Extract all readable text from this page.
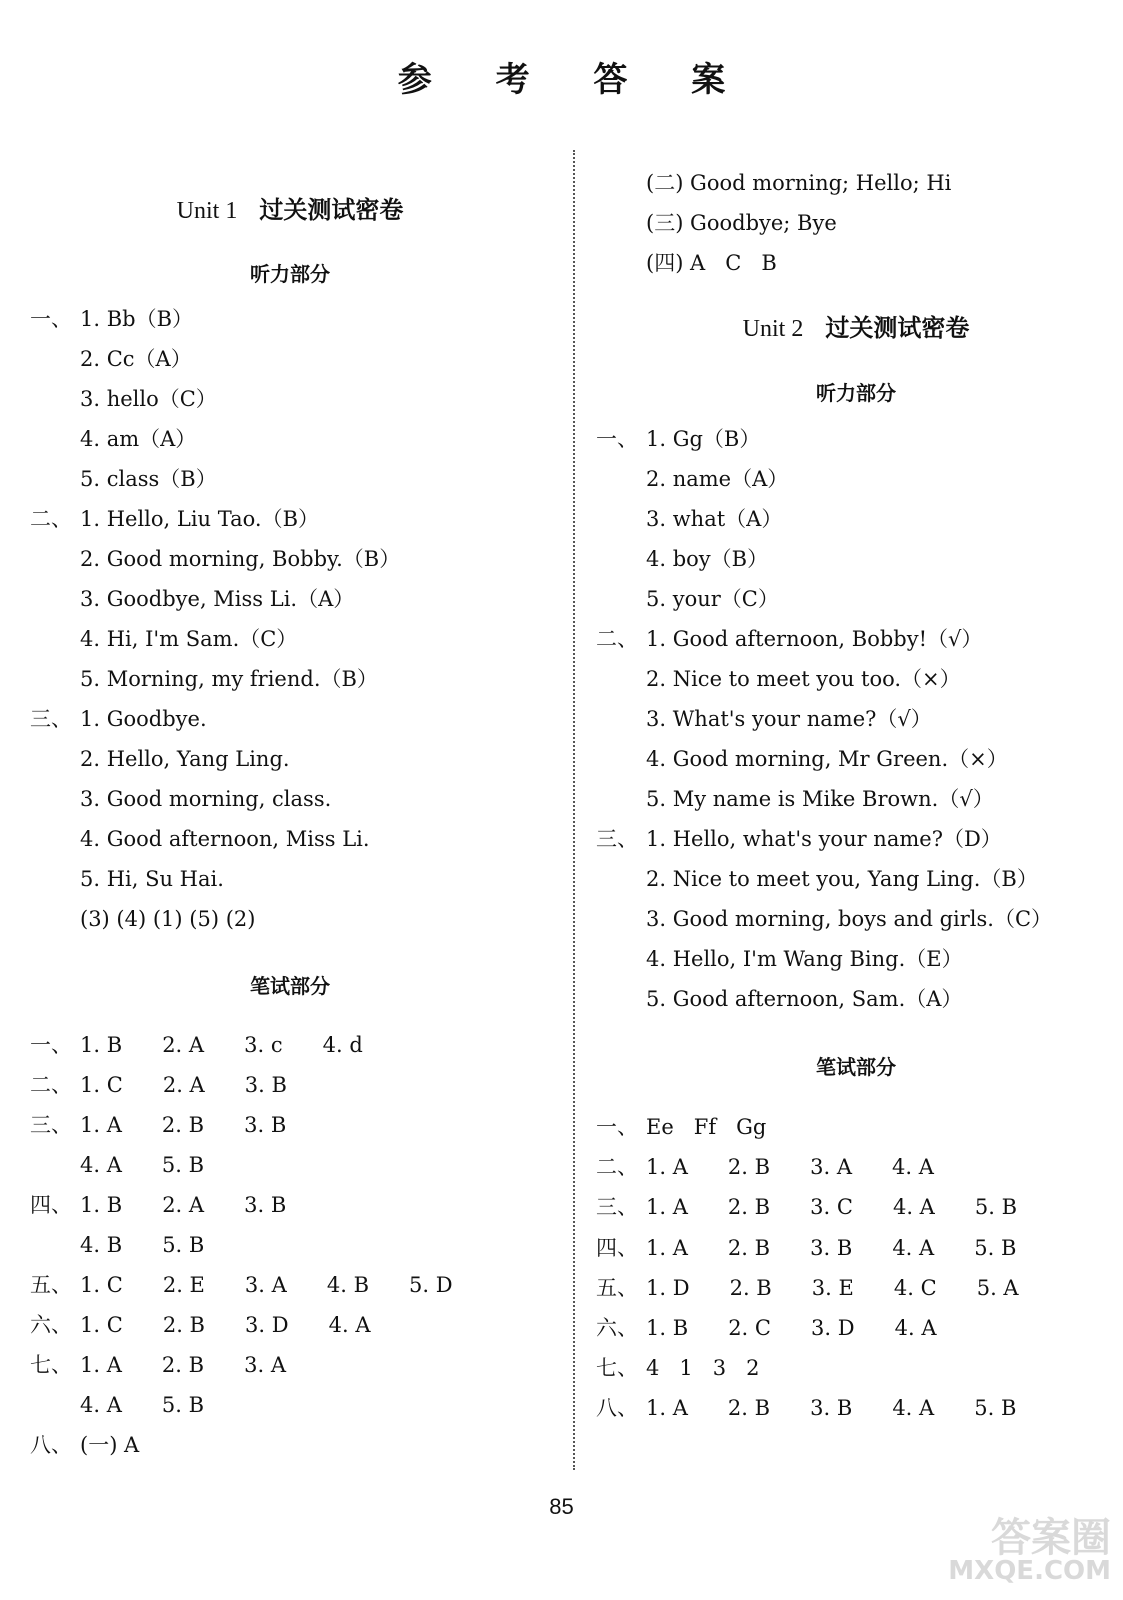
参 考 答 案
Unit 1 过关测试密卷
听力部分
一、 1. Bb（B）
2. Cc（A）
3. hello（C）
4. am（A）
5. class（B）
二、 1. Hello, Liu Tao.（B）
2. Good morning, Bobby.（B）
3. Goodbye, Miss Li.（A）
4. Hi, I'm Sam.（C）
5. Morning, my friend.（B）
三、 1. Goodbye.
2. Hello, Yang Ling.
3. Good morning, class.
4. Good afternoon, Miss Li.
5. Hi, Su Hai.
(3) (4) (1) (5) (2)
笔试部分
一、 1. B      2. A      3. c      4. d
二、 1. C      2. A      3. B
三、 1. A      2. B      3. B
4. A      5. B
四、 1. B      2. A      3. B
4. B      5. B
五、 1. C      2. E      3. A      4. B      5. D
六、 1. C      2. B      3. D      4. A
七、 1. A      2. B      3. A
4. A      5. B
八、 (一) A
(二) Good morning; Hello; Hi
(三) Goodbye; Bye
(四) A   C   B
Unit 2 过关测试密卷
听力部分
一、 1. Gg（B）
2. name（A）
3. what（A）
4. boy（B）
5. your（C）
二、 1. Good afternoon, Bobby!（√）
2. Nice to meet you too.（×）
3. What's your name?（√）
4. Good morning, Mr Green.（×）
5. My name is Mike Brown.（√）
三、 1. Hello, what's your name?（D）
2. Nice to meet you, Yang Ling.（B）
3. Good morning, boys and girls.（C）
4. Hello, I'm Wang Bing.（E）
5. Good afternoon, Sam.（A）
笔试部分
一、 Ee   Ff   Gg
二、 1. A      2. B      3. A      4. A
三、 1. A      2. B      3. C      4. A      5. B
四、 1. A      2. B      3. B      4. A      5. B
五、 1. D      2. B      3. E      4. C      5. A
六、 1. B      2. C      3. D      4. A
七、 4   1   3   2
八、 1. A      2. B      3. B      4. A      5. B
85
答案圈
MXQE.COM
